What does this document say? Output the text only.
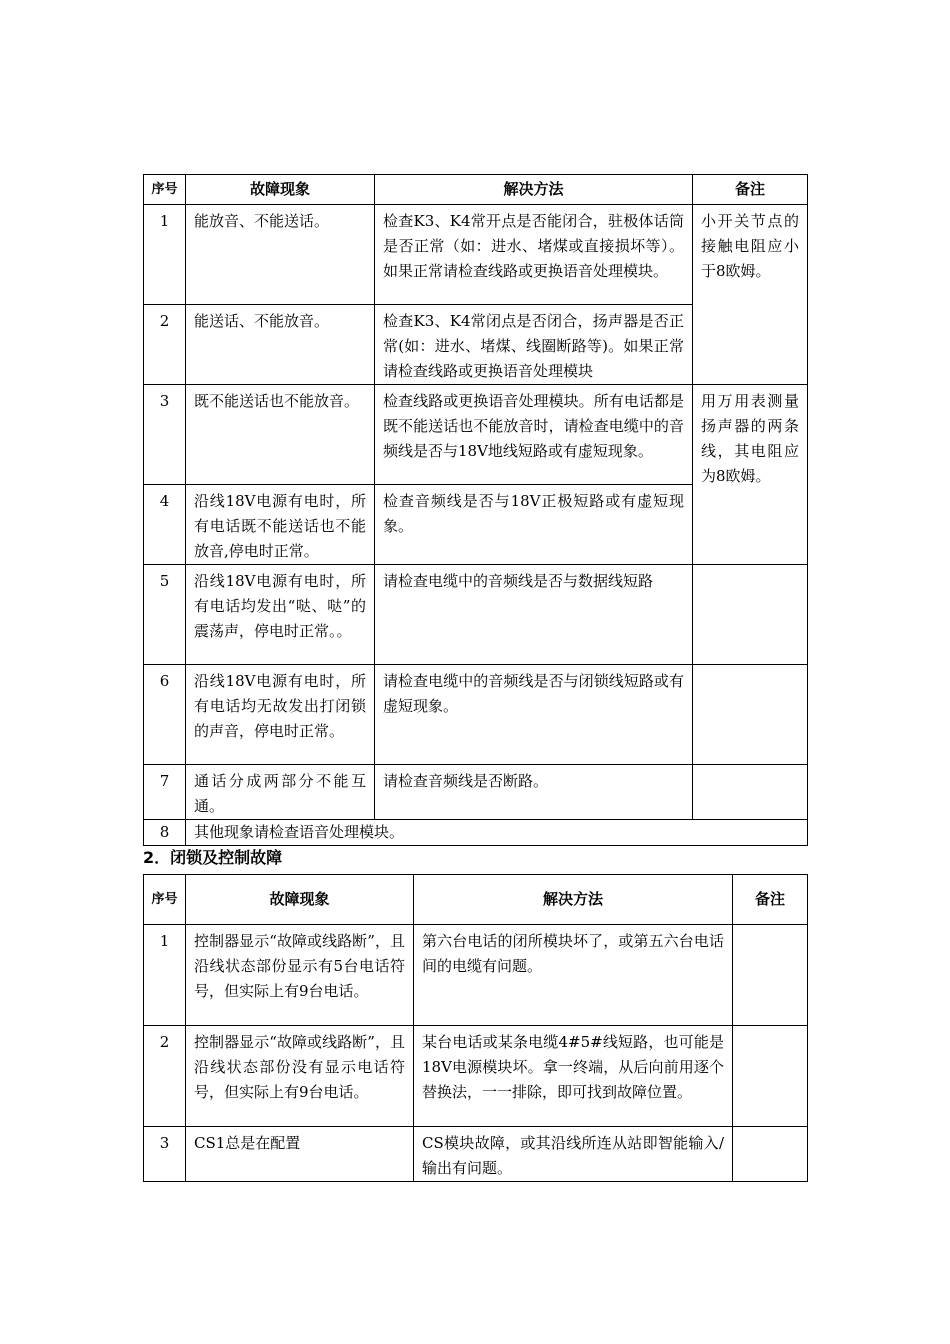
序号	故障现象	解决方法	备注
1	能放音、不能送话。	检查K3、K4常开点是否能闭合，驻极体话筒是否正常（如：进水、堵煤或直接损坏等）。如果正常请检查线路或更换语音处理模块。	小开关节点的接触电阻应小于8欧姆。
2	能送话、不能放音。	检查K3、K4常闭点是否闭合，扬声器是否正常(如：进水、堵煤、线圈断路等)。如果正常请检查线路或更换语音处理模块	
3	既不能送话也不能放音。	检查线路或更换语音处理模块。所有电话都是既不能送话也不能放音时，请检查电缆中的音频线是否与18V地线短路或有虚短现象。	用万用表测量扬声器的两条线，其电阻应为8欧姆。
4	沿线18V电源有电时，所有电话既不能送话也不能放音,停电时正常。	检查音频线是否与18V正极短路或有虚短现象。	
5	沿线18V电源有电时，所有电话均发出“哒、哒”的震荡声，停电时正常。。	请检查电缆中的音频线是否与数据线短路	
6	沿线18V电源有电时，所有电话均无故发出打闭锁的声音，停电时正常。	请检查电缆中的音频线是否与闭锁线短路或有虚短现象。	
7	通话分成两部分不能互通。	请检查音频线是否断路。	
8	其他现象请检查语音处理模块。		
2．闭锁及控制故障
序号	故障现象	解决方法	备注
1	控制器显示“故障或线路断”，且沿线状态部份显示有5台电话符号，但实际上有9台电话。	第六台电话的闭所模块坏了，或第五六台电话间的电缆有问题。	
2	控制器显示“故障或线路断”，且沿线状态部份没有显示电话符号，但实际上有9台电话。	某台电话或某条电缆4#5#线短路，也可能是18V电源模块坏。拿一终端，从后向前用逐个替换法，一一排除，即可找到故障位置。	
3	CS1总是在配置	CS模块故障，或其沿线所连从站即智能输入/输出有问题。	
